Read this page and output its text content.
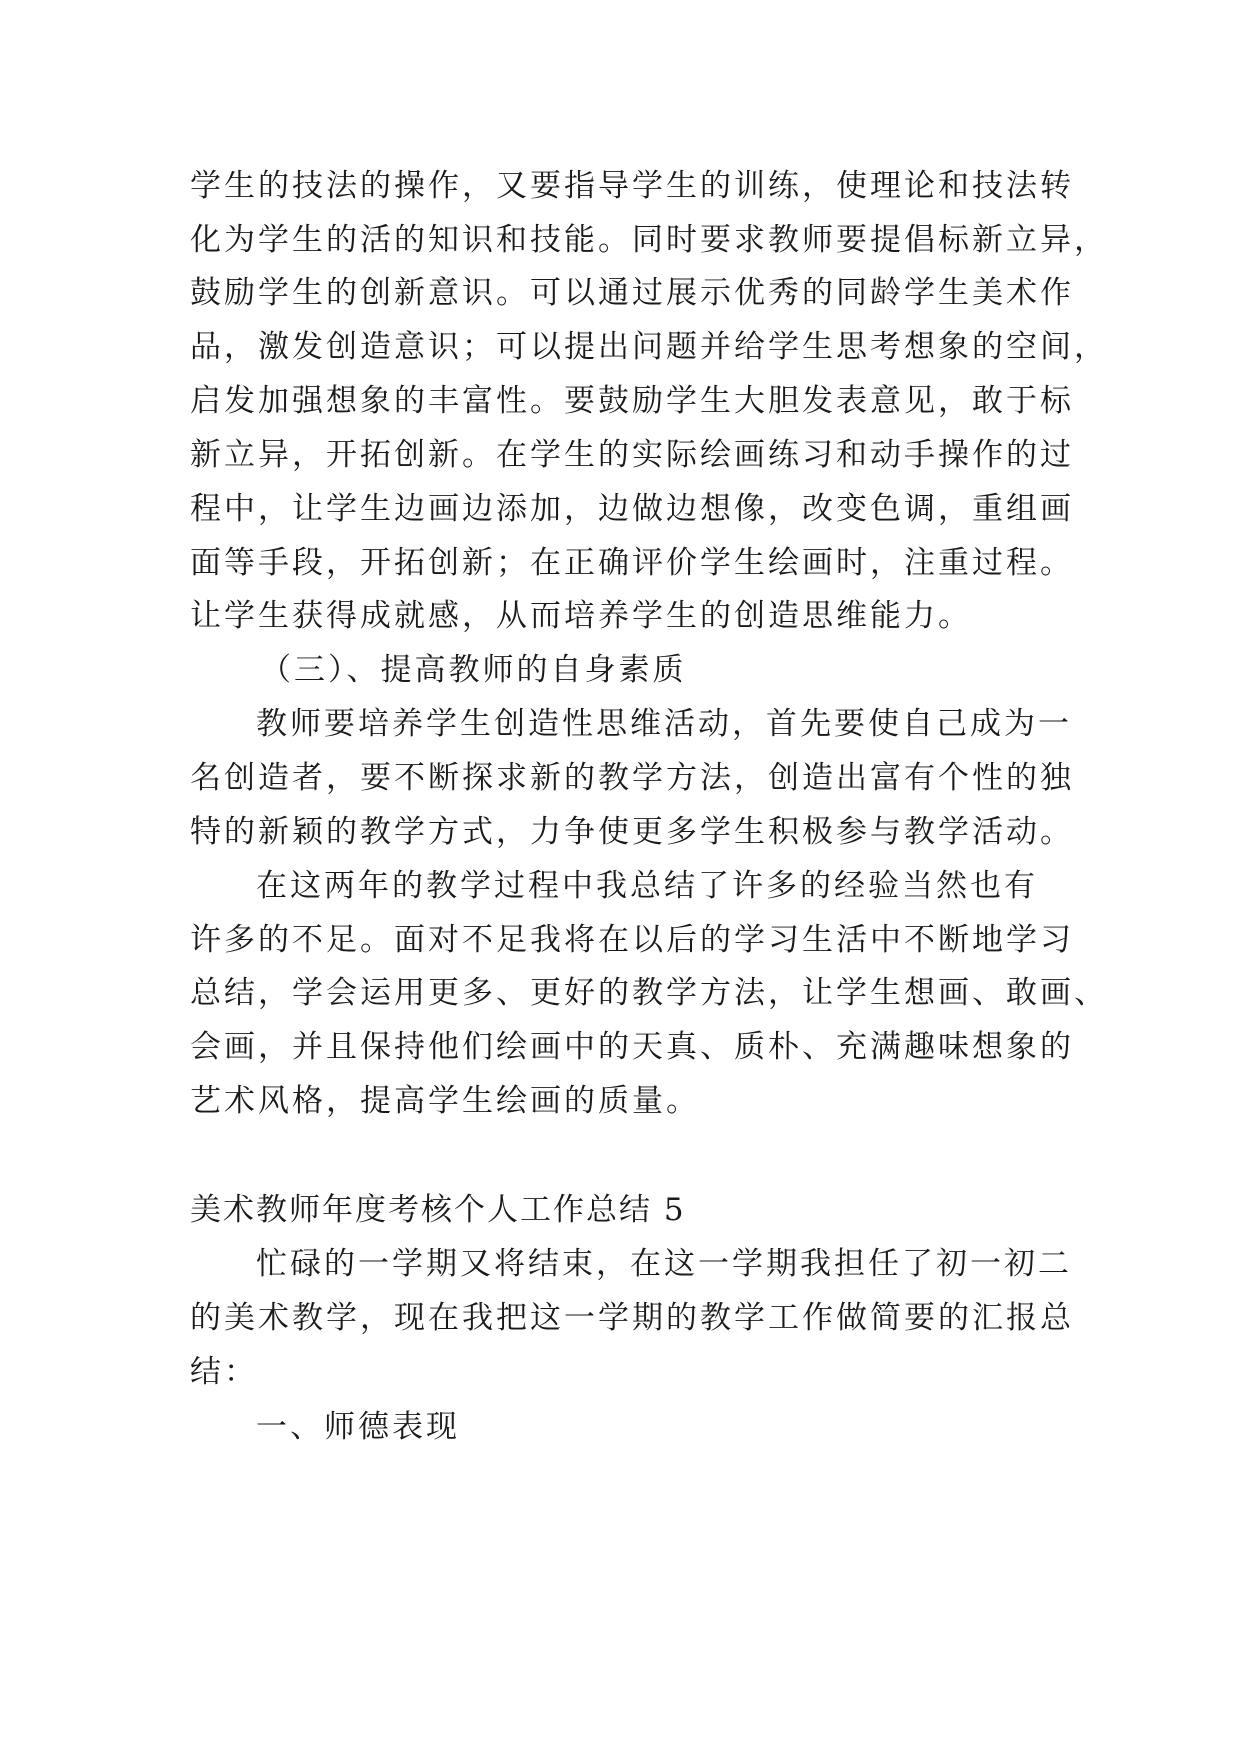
学生的技法的操作，又要指导学生的训练，使理论和技法转
化为学生的活的知识和技能。同时要求教师要提倡标新立异，
鼓励学生的创新意识。可以通过展示优秀的同龄学生美术作
品，激发创造意识；可以提出问题并给学生思考想象的空间，
启发加强想象的丰富性。要鼓励学生大胆发表意见，敢于标
新立异，开拓创新。在学生的实际绘画练习和动手操作的过
程中，让学生边画边添加，边做边想像，改变色调，重组画
面等手段，开拓创新；在正确评价学生绘画时，注重过程。
让学生获得成就感，从而培养学生的创造思维能力。
（三）、提高教师的自身素质
教师要培养学生创造性思维活动，首先要使自己成为一
名创造者，要不断探求新的教学方法，创造出富有个性的独
特的新颖的教学方式，力争使更多学生积极参与教学活动。
在这两年的教学过程中我总结了许多的经验当然也有
许多的不足。面对不足我将在以后的学习生活中不断地学习
总结，学会运用更多、更好的教学方法，让学生想画、敢画、
会画，并且保持他们绘画中的天真、质朴、充满趣味想象的
艺术风格，提高学生绘画的质量。
美术教师年度考核个人工作总结 5
忙碌的一学期又将结束，在这一学期我担任了初一初二
的美术教学，现在我把这一学期的教学工作做简要的汇报总
结：
一、师德表现
